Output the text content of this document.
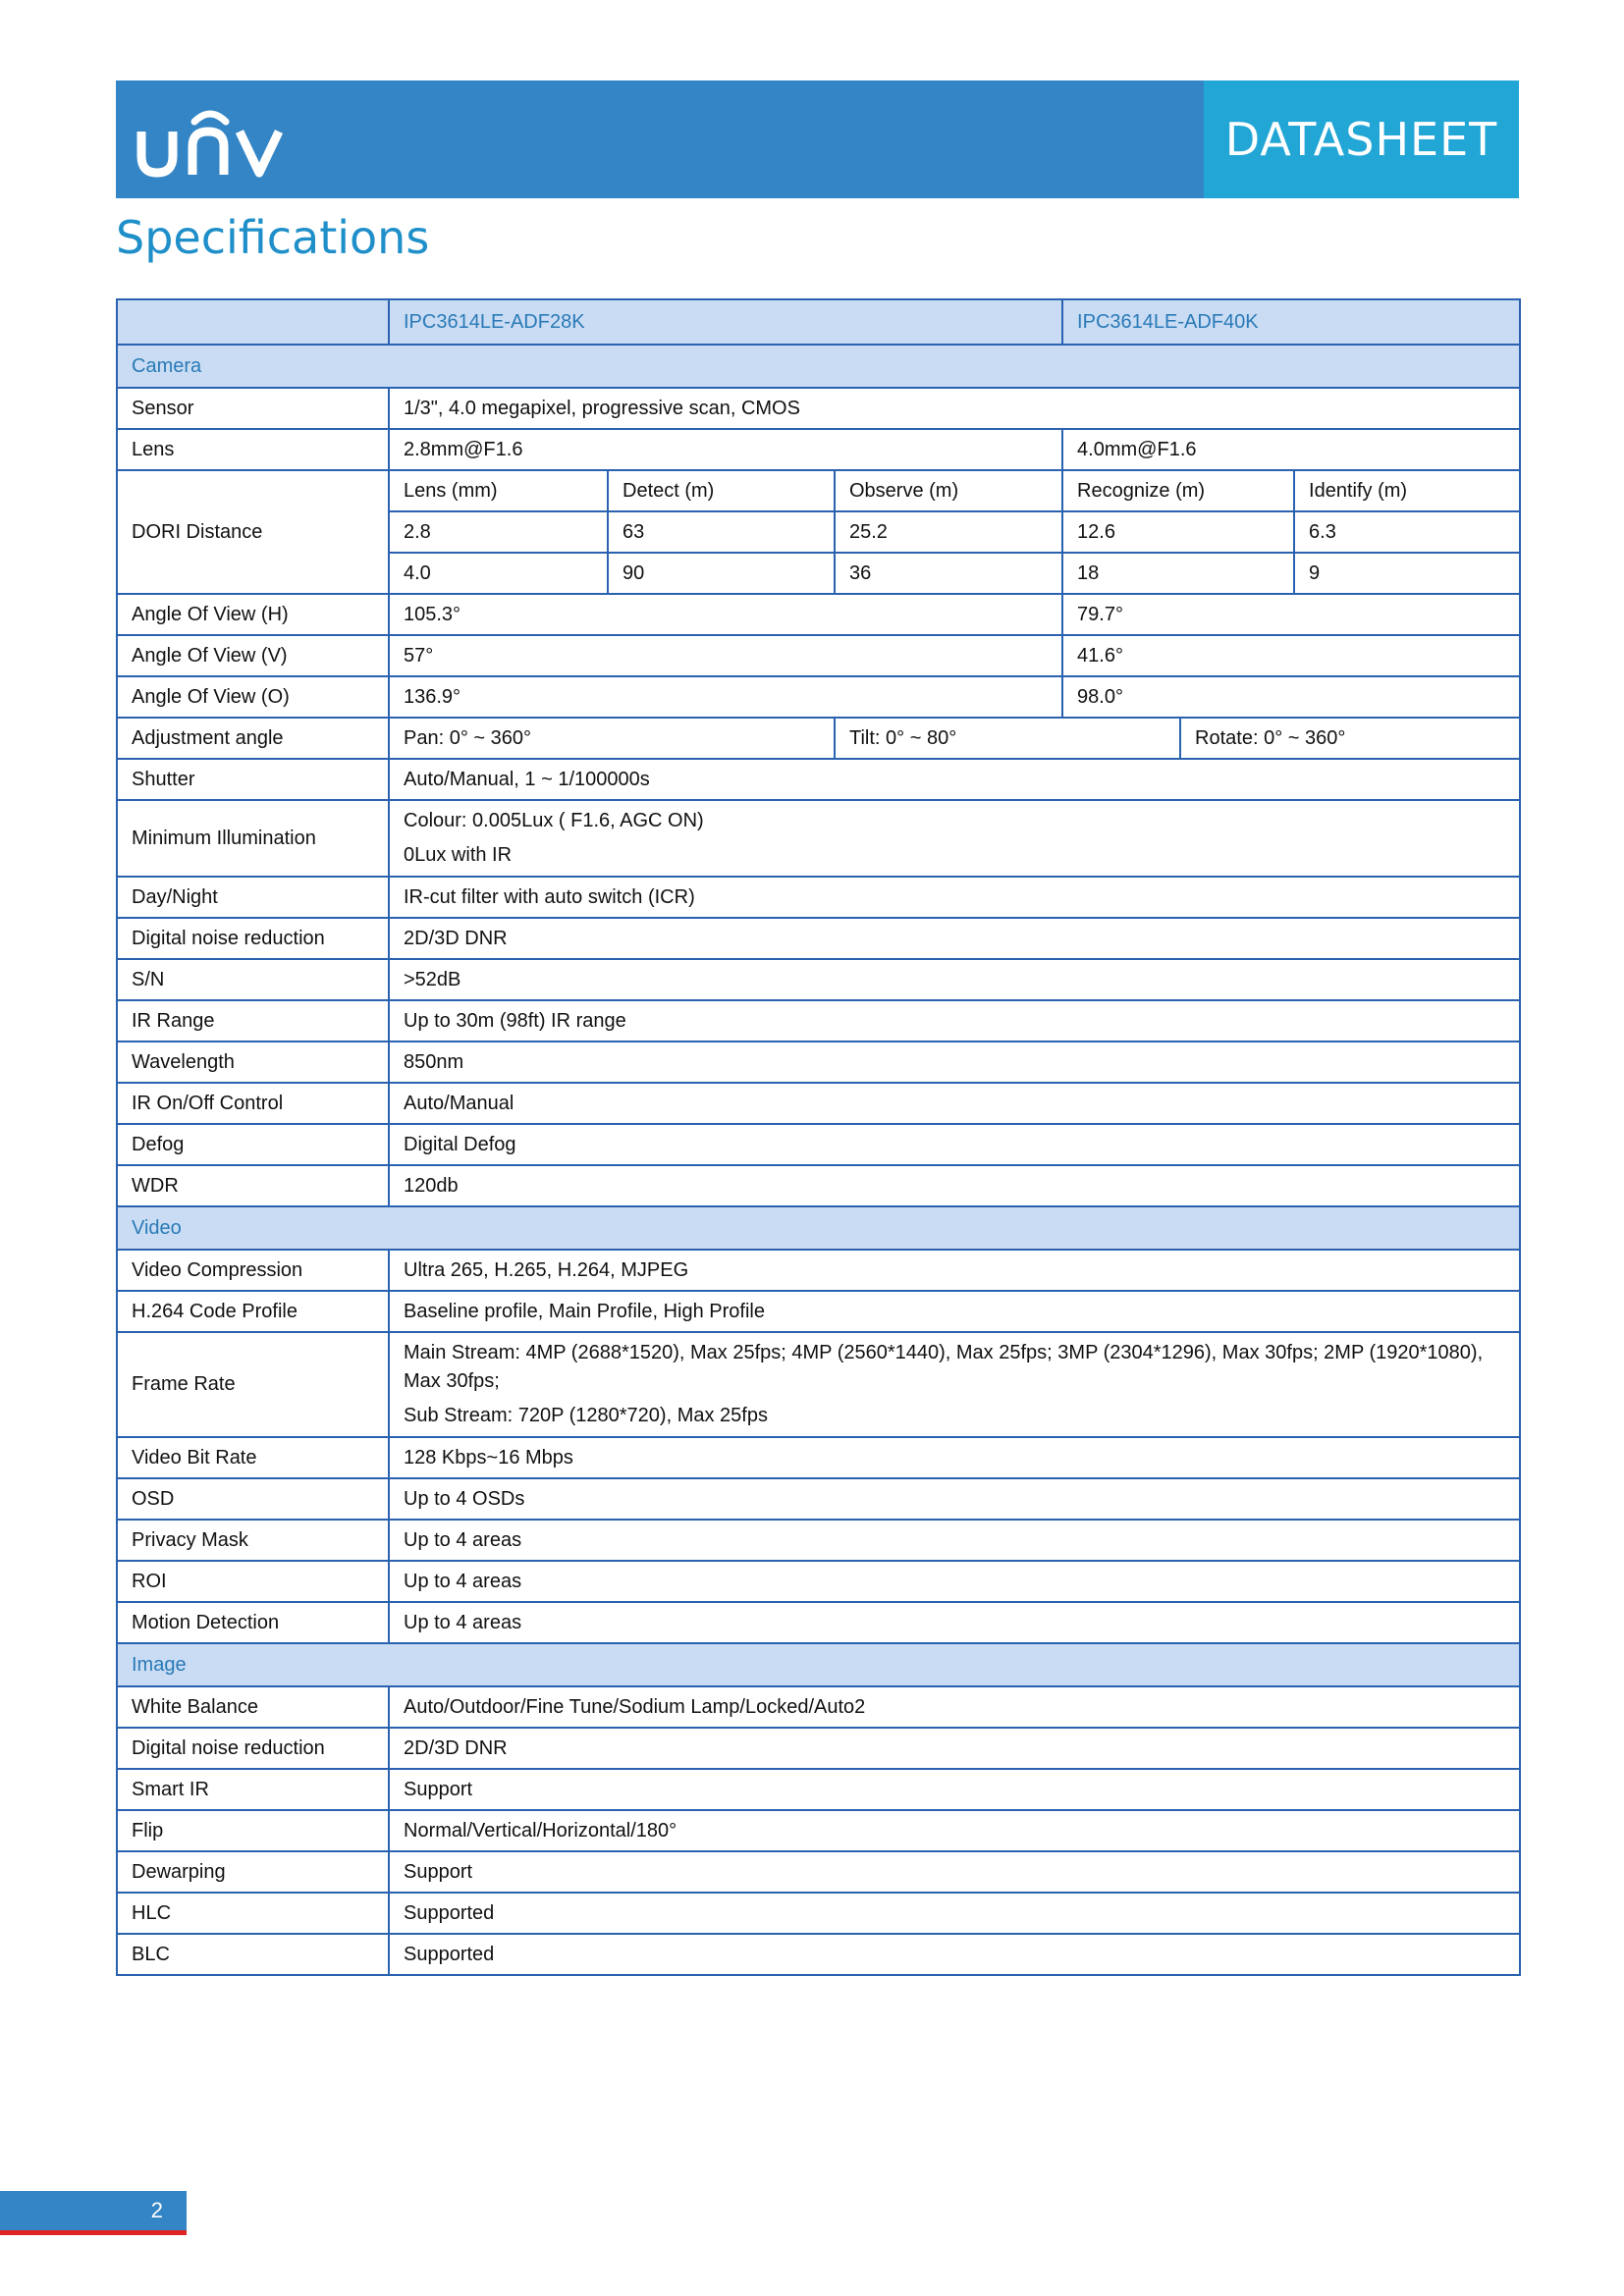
DATASHEET
Specifications
	IPC3614LE-ADF28K			IPC3614LE-ADF40K		
Camera						
Sensor	1/3", 4.0 megapixel, progressive scan, CMOS					
Lens	2.8mm@F1.6			4.0mm@F1.6		
DORI Distance	Lens (mm)	Detect (m)	Observe (m)	Recognize (m)		Identify (m)
	2.8	63	25.2	12.6		6.3
	4.0	90	36	18		9
Angle Of View (H)	105.3°			79.7°		
Angle Of View (V)	57°			41.6°		
Angle Of View (O)	136.9°			98.0°		
Adjustment angle	Pan: 0° ~ 360°		Tilt: 0° ~ 80°		Rotate: 0° ~ 360°	
Shutter	Auto/Manual, 1 ~ 1/100000s					
Minimum Illumination	Colour: 0.005Lux ( F1.6, AGC ON)
0Lux with IR					

Day/Night	IR-cut filter with auto switch (ICR)					
Digital noise reduction	2D/3D DNR					
S/N	>52dB					
IR Range	Up to 30m (98ft) IR range					
Wavelength	850nm					
IR On/Off Control	Auto/Manual					
Defog	Digital Defog					
WDR	120db					
Video						
Video Compression	Ultra 265, H.265, H.264, MJPEG					
H.264 Code Profile	Baseline profile, Main Profile, High Profile					
Frame Rate	Main Stream: 4MP (2688*1520), Max 25fps; 4MP (2560*1440), Max 25fps; 3MP (2304*1296), Max 30fps; 2MP (1920*1080), Max 30fps;
Sub Stream: 720P (1280*720), Max 25fps					

Video Bit Rate	128 Kbps~16 Mbps					
OSD	Up to 4 OSDs					
Privacy Mask	Up to 4 areas					
ROI	Up to 4 areas					
Motion Detection	Up to 4 areas					
Image						
White Balance	Auto/Outdoor/Fine Tune/Sodium Lamp/Locked/Auto2					
Digital noise reduction	2D/3D DNR					
Smart IR	Support					
Flip	Normal/Vertical/Horizontal/180°					
Dewarping	Support					
HLC	Supported					
BLC	Supported					
2
